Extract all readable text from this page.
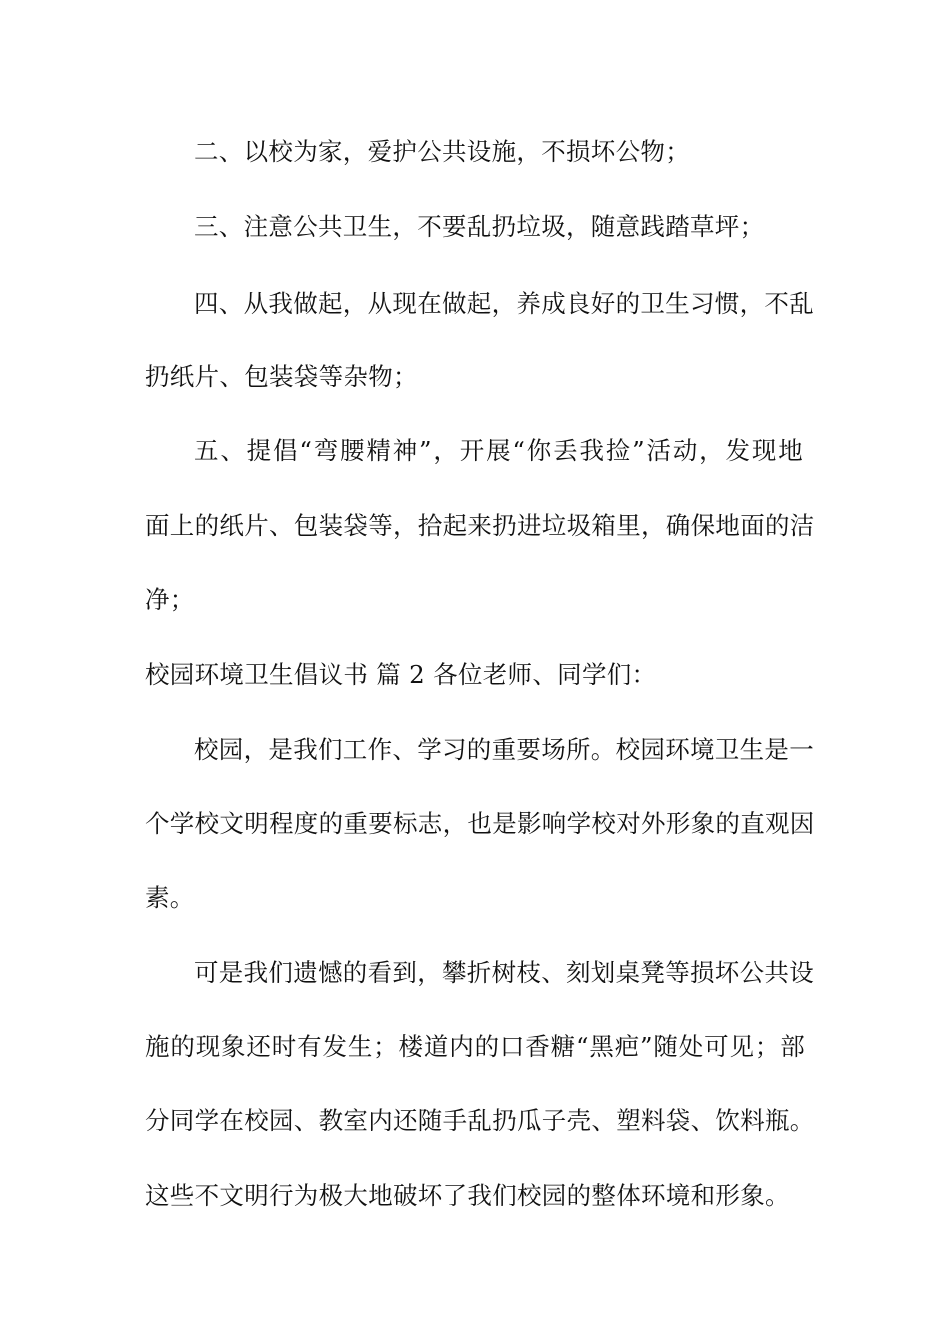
二、以校为家，爱护公共设施，不损坏公物；
三、注意公共卫生，不要乱扔垃圾，随意践踏草坪；
四、从我做起，从现在做起，养成良好的卫生习惯，不乱
扔纸片、包装袋等杂物；
五、提倡“弯腰精神”，开展“你丢我捡”活动，发现地
面上的纸片、包装袋等，拾起来扔进垃圾箱里，确保地面的洁
净；
校园环境卫生倡议书 篇 2 各位老师、同学们：
校园，是我们工作、学习的重要场所。校园环境卫生是一
个学校文明程度的重要标志，也是影响学校对外形象的直观因
素。
可是我们遗憾的看到，攀折树枝、刻划桌凳等损坏公共设
施的现象还时有发生；楼道内的口香糖“黑疤”随处可见；部
分同学在校园、教室内还随手乱扔瓜子壳、塑料袋、饮料瓶。
这些不文明行为极大地破坏了我们校园的整体环境和形象。
